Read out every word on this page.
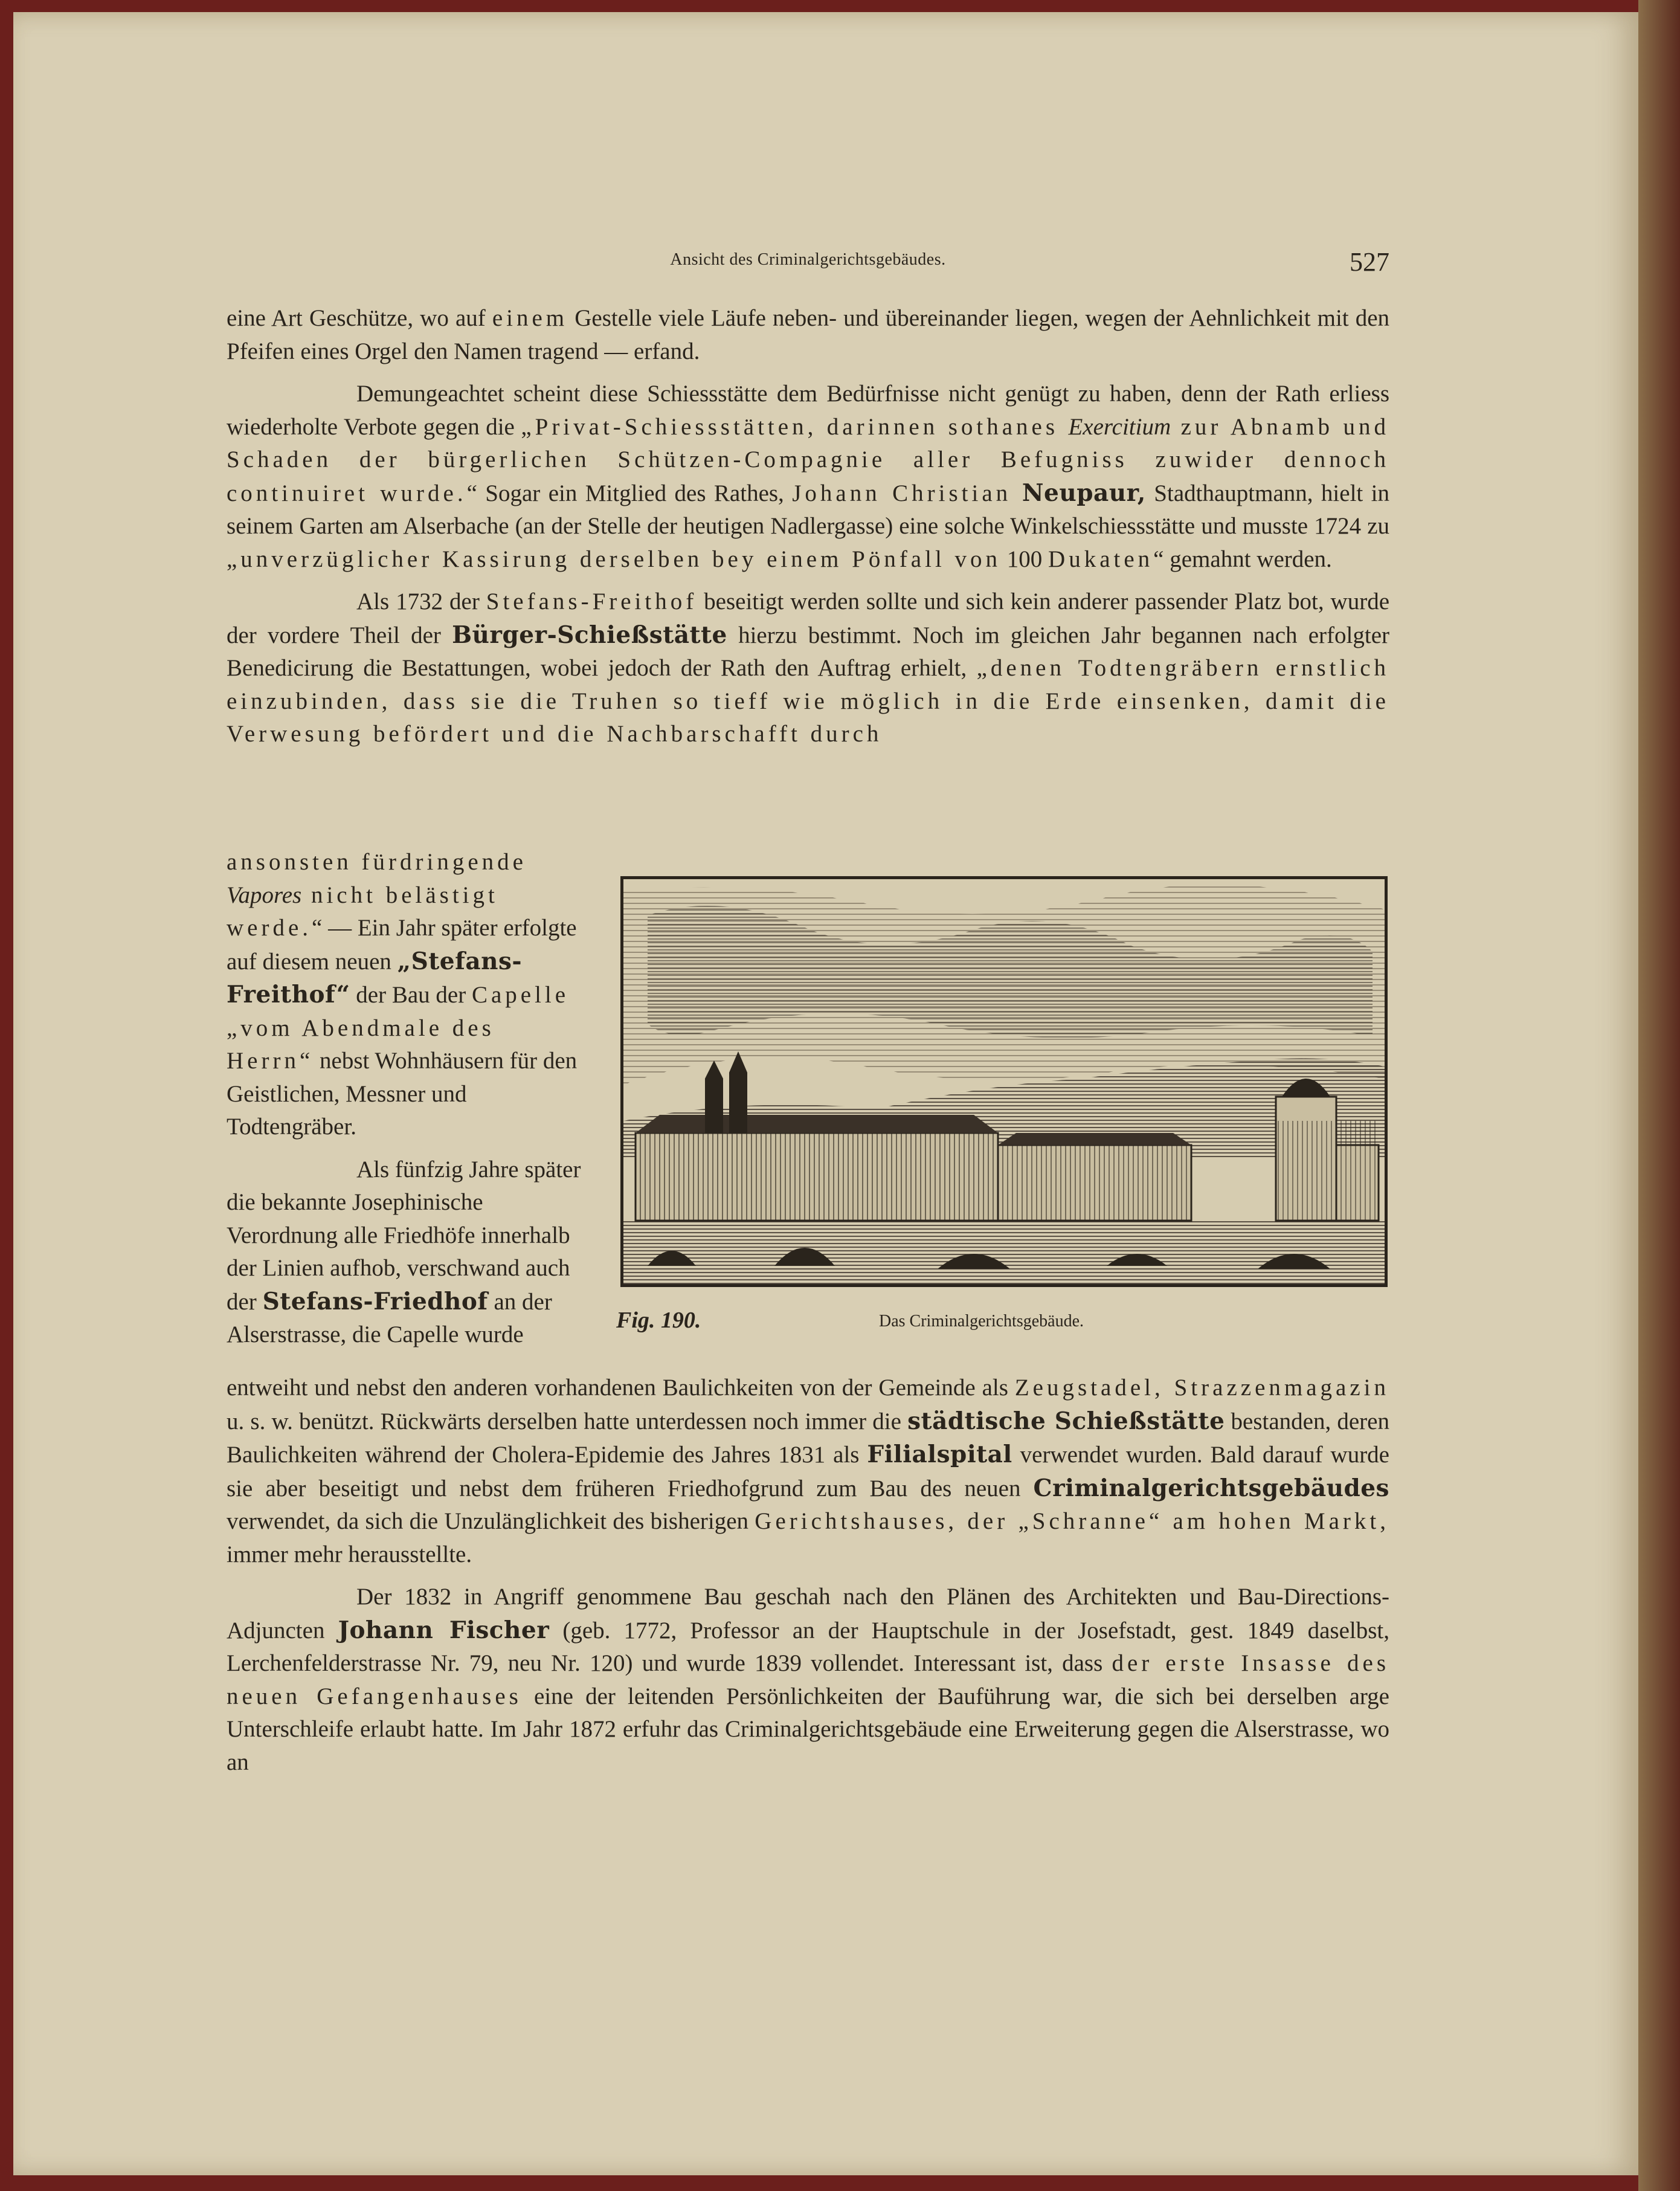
Ansicht des Criminalgerichtsgebäudes.	527

eine Art Geschütze, wo auf einem Gestelle viele Läufe neben- und übereinander liegen, wegen der Aehnlichkeit mit den Pfeifen eines Orgel den Namen tragend — erfand.

Demungeachtet scheint diese Schiessstätte dem Bedürfnisse nicht genügt zu haben, denn der Rath erliess wiederholte Verbote gegen die „Privat-Schiessstätten, darinnen sothanes Exercitium zur Abnamb und Schaden der bürgerlichen Schützen-Compagnie aller Befugniss zuwider dennoch continuiret wurde.“ Sogar ein Mitglied des Rathes, Johann Christian Neupaur, Stadthauptmann, hielt in seinem Garten am Alserbache (an der Stelle der heutigen Nadlergasse) eine solche Winkelschiessstätte und musste 1724 zu „unverzüglicher Kassirung derselben bey einem Pönfall von 100 Dukaten“ gemahnt werden.

Als 1732 der Stefans-Freithof beseitigt werden sollte und sich kein anderer passender Platz bot, wurde der vordere Theil der Bürger-Schießstätte hierzu bestimmt. Noch im gleichen Jahr begannen nach erfolgter Benedicirung die Bestattungen, wobei jedoch der Rath den Auftrag erhielt, „denen Todtengräbern ernstlich einzubinden, dass sie die Truhen so tieff wie möglich in die Erde einsenken, damit die Verwesung befördert und die Nachbarschafft durch

ansonsten fürdringende Vapores nicht belästigt werde.“ — Ein Jahr später erfolgte auf diesem neuen „Stefans-Freithof“ der Bau der Capelle „vom Abendmale des Herrn“ nebst Wohnhäusern für den Geistlichen, Messner und Todtengräber.

Als fünfzig Jahre später die bekannte Josephinische Verordnung alle Friedhöfe innerhalb der Linien aufhob, verschwand auch der Stefans-Friedhof an der Alserstrasse, die Capelle wurde

Fig. 190.	Das Criminalgerichtsgebäude.

entweiht und nebst den anderen vorhandenen Baulichkeiten von der Gemeinde als Zeugstadel, Strazzenmagazin u. s. w. benützt. Rückwärts derselben hatte unterdessen noch immer die städtische Schießstätte bestanden, deren Baulichkeiten während der Cholera-Epidemie des Jahres 1831 als Filialspital verwendet wurden. Bald darauf wurde sie aber beseitigt und nebst dem früheren Friedhofgrund zum Bau des neuen Criminalgerichtsgebäudes verwendet, da sich die Unzulänglichkeit des bisherigen Gerichtshauses, der „Schranne“ am hohen Markt, immer mehr herausstellte.

Der 1832 in Angriff genommene Bau geschah nach den Plänen des Architekten und Bau-Directions-Adjuncten Johann Fischer (geb. 1772, Professor an der Hauptschule in der Josefstadt, gest. 1849 daselbst, Lerchenfelderstrasse Nr. 79, neu Nr. 120) und wurde 1839 vollendet. Interessant ist, dass der erste Insasse des neuen Gefangenhauses eine der leitenden Persönlichkeiten der Bauführung war, die sich bei derselben arge Unterschleife erlaubt hatte. Im Jahr 1872 erfuhr das Criminalgerichtsgebäude eine Erweiterung gegen die Alserstrasse, wo an
